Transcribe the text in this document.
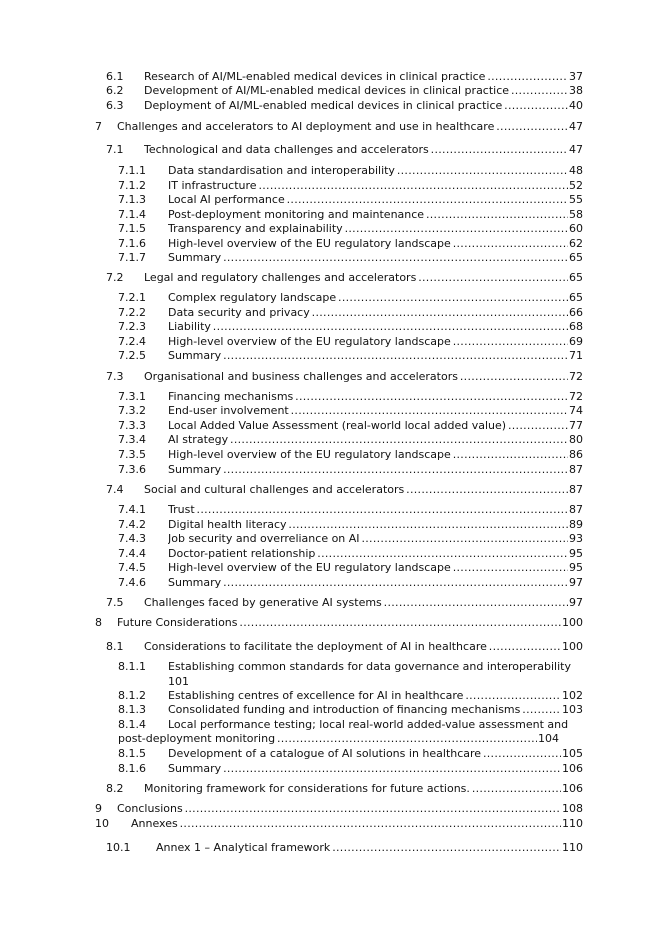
6.1 Research of AI/ML-enabled medical devices in clinical practice . . .	37
6.2 Development of AI/ML-enabled medical devices in clinical practice . . .	38
6.3 Deployment of AI/ML-enabled medical devices in clinical practice . . .	40
7 Challenges and accelerators to AI deployment and use in healthcare . . .	47
7.1 Technological and data challenges and accelerators . . .	47
7.1.1 Data standardisation and interoperability . . .	48
7.1.2 IT infrastructure . . .	52
7.1.3 Local AI performance . . .	55
7.1.4 Post-deployment monitoring and maintenance . . .	58
7.1.5 Transparency and explainability . . .	60
7.1.6 High-level overview of the EU regulatory landscape . . .	62
7.1.7 Summary . . .	65
7.2 Legal and regulatory challenges and accelerators . . .	65
7.2.1 Complex regulatory landscape . . .	65
7.2.2 Data security and privacy . . .	66
7.2.3 Liability . . .	68
7.2.4 High-level overview of the EU regulatory landscape . . .	69
7.2.5 Summary . . .	71
7.3 Organisational and business challenges and accelerators . . .	72
7.3.1 Financing mechanisms . . .	72
7.3.2 End-user involvement . . .	74
7.3.3 Local Added Value Assessment (real-world local added value) . . .	77
7.3.4 AI strategy . . .	80
7.3.5 High-level overview of the EU regulatory landscape . . .	86
7.3.6 Summary . . .	87
7.4 Social and cultural challenges and accelerators . . .	87
7.4.1 Trust . . .	87
7.4.2 Digital health literacy . . .	89
7.4.3 Job security and overreliance on AI . . .	93
7.4.4 Doctor-patient relationship . . .	95
7.4.5 High-level overview of the EU regulatory landscape . . .	95
7.4.6 Summary . . .	97
7.5 Challenges faced by generative AI systems . . .	97
8 Future Considerations . . .	100
8.1 Considerations to facilitate the deployment of AI in healthcare . . .	100
8.1.1 Establishing common standards for data governance and interoperability
101
8.1.2 Establishing centres of excellence for AI in healthcare . . .	102
8.1.3 Consolidated funding and introduction of financing mechanisms . . .	103
8.1.4 Local performance testing; local real-world added-value assessment and
post-deployment monitoring . . .	104
8.1.5 Development of a catalogue of AI solutions in healthcare . . .	105
8.1.6 Summary . . .	106
8.2 Monitoring framework for considerations for future actions. . . .	106
9 Conclusions . . .	108
10 Annexes . . .	110
10.1 Annex 1 – Analytical framework . . .	110
